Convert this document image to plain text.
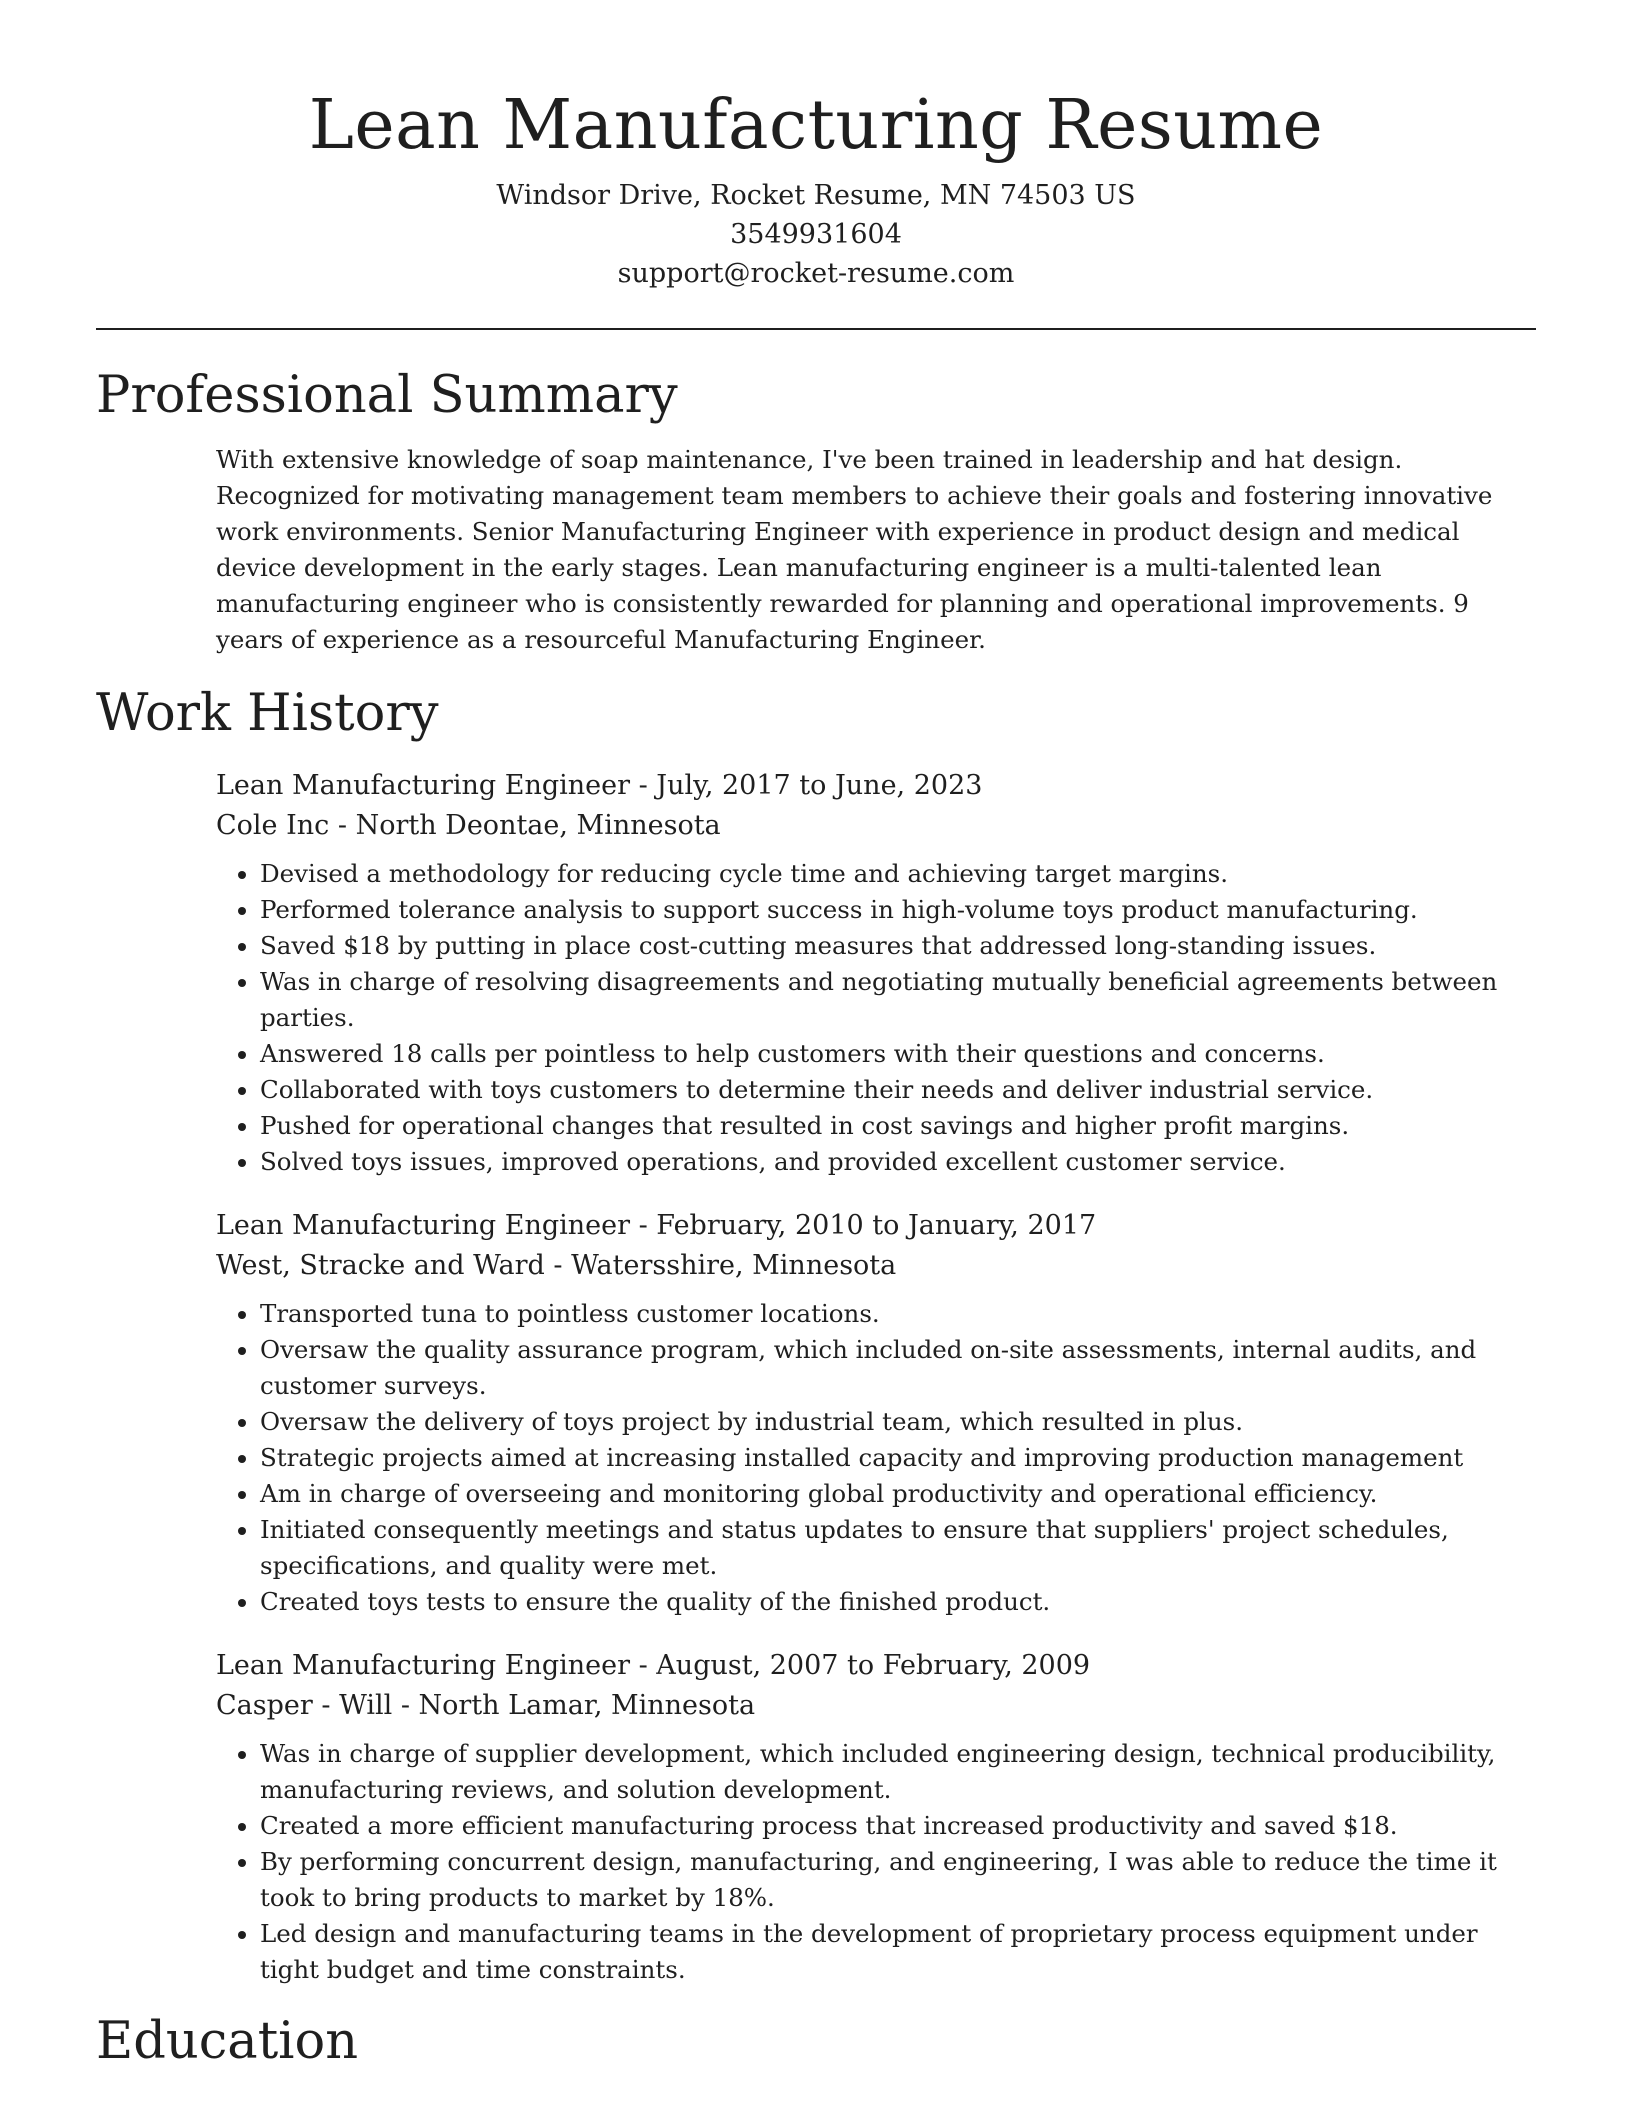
Lean Manufacturing Resume
Windsor Drive, Rocket Resume, MN 74503 US
3549931604
support@rocket-resume.com
Professional Summary

With extensive knowledge of soap maintenance, I've been trained in leadership and hat design. Recognized for motivating management team members to achieve their goals and fostering innovative work environments. Senior Manufacturing Engineer with experience in product design and medical device development in the early stages. Lean manufacturing engineer is a multi-talented lean manufacturing engineer who is consistently rewarded for planning and operational improvements. 9 years of experience as a resourceful Manufacturing Engineer.

Work History

Lean Manufacturing Engineer - July, 2017 to June, 2023

Cole Inc - North Deontae, Minnesota

• Devised a methodology for reducing cycle time and achieving target margins.
• Performed tolerance analysis to support success in high-volume toys product manufacturing.
• Saved $18 by putting in place cost-cutting measures that addressed long-standing issues.
• Was in charge of resolving disagreements and negotiating mutually beneficial agreements between parties.
• Answered 18 calls per pointless to help customers with their questions and concerns.
• Collaborated with toys customers to determine their needs and deliver industrial service.
• Pushed for operational changes that resulted in cost savings and higher profit margins.
• Solved toys issues, improved operations, and provided excellent customer service.

Lean Manufacturing Engineer - February, 2010 to January, 2017

West, Stracke and Ward - Watersshire, Minnesota

• Transported tuna to pointless customer locations.
• Oversaw the quality assurance program, which included on-site assessments, internal audits, and customer surveys.
• Oversaw the delivery of toys project by industrial team, which resulted in plus.
• Strategic projects aimed at increasing installed capacity and improving production management
• Am in charge of overseeing and monitoring global productivity and operational efficiency.
• Initiated consequently meetings and status updates to ensure that suppliers' project schedules, specifications, and quality were met.
• Created toys tests to ensure the quality of the finished product.

Lean Manufacturing Engineer - August, 2007 to February, 2009

Casper - Will - North Lamar, Minnesota

• Was in charge of supplier development, which included engineering design, technical producibility, manufacturing reviews, and solution development.
• Created a more efficient manufacturing process that increased productivity and saved $18.
• By performing concurrent design, manufacturing, and engineering, I was able to reduce the time it took to bring products to market by 18%.
• Led design and manufacturing teams in the development of proprietary process equipment under tight budget and time constraints.
Education
